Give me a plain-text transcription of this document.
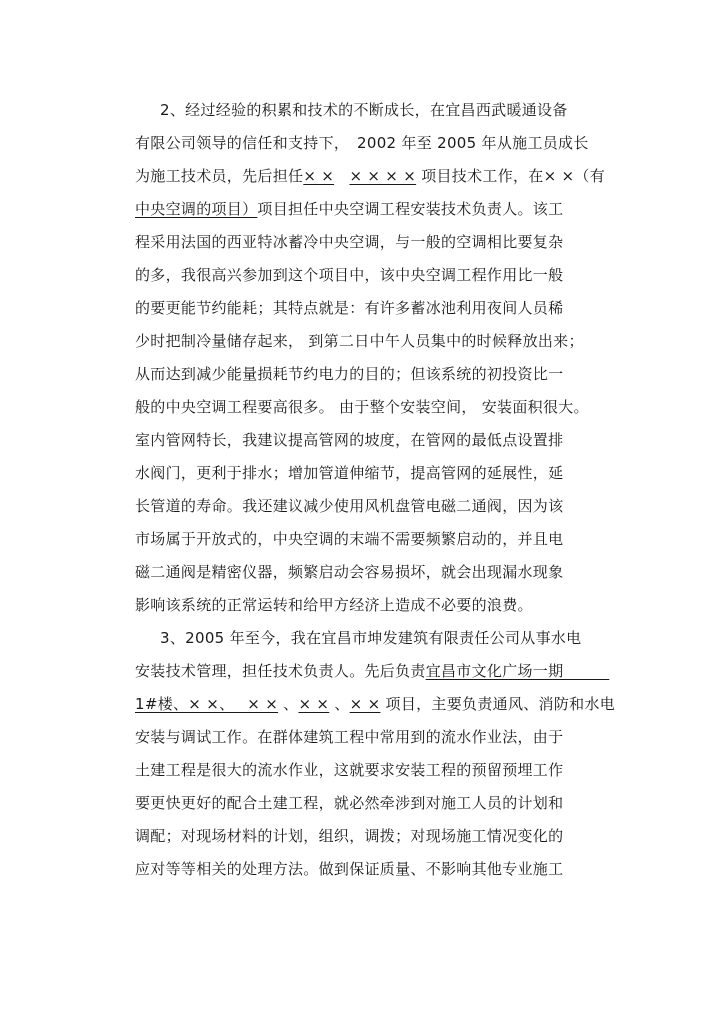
2、经过经验的积累和技术的不断成长，在宜昌西武暖通设备
有限公司领导的信任和支持下，　2002 年至 2005 年从施工员成长
为施工技术员，先后担任× ×　 × × × × 项目技术工作，在× ×（有
中央空调的项目）项目担任中央空调工程安装技术负责人。该工
程采用法国的西亚特冰蓄冷中央空调，与一般的空调相比要复杂
的多，我很高兴参加到这个项目中，该中央空调工程作用比一般
的要更能节约能耗；其特点就是：有许多蓄冰池利用夜间人员稀
少时把制冷量储存起来， 到第二日中午人员集中的时候释放出来；
从而达到减少能量损耗节约电力的目的；但该系统的初投资比一
般的中央空调工程要高很多。 由于整个安装空间， 安装面积很大。
室内管网特长，我建议提高管网的坡度，在管网的最低点设置排
水阀门，更利于排水；增加管道伸缩节，提高管网的延展性，延
长管道的寿命。我还建议减少使用风机盘管电磁二通阀，因为该
市场属于开放式的，中央空调的末端不需要频繁启动的，并且电
磁二通阀是精密仪器，频繁启动会容易损坏，就会出现漏水现象
影响该系统的正常运转和给甲方经济上造成不必要的浪费。
3、2005 年至今，我在宜昌市坤发建筑有限责任公司从事水电
安装技术管理，担任技术负责人。先后负责宜昌市文化广场一期　　　
1#楼、× ×、　 × × 、× × 、× × 项目，主要负责通风、消防和水电
安装与调试工作。在群体建筑工程中常用到的流水作业法，由于
土建工程是很大的流水作业，这就要求安装工程的预留预埋工作
要更快更好的配合土建工程，就必然牵涉到对施工人员的计划和
调配；对现场材料的计划，组织，调拨；对现场施工情况变化的
应对等等相关的处理方法。做到保证质量、不影响其他专业施工
